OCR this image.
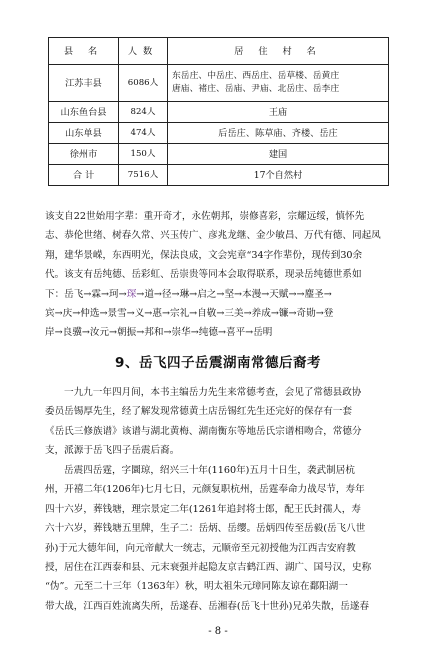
县 名	人数	居 住 村 名
江苏丰县	6086人	东岳庄、中岳庄、西岳庄、岳草楼、岳黄庄
唐庙、褚庄、岳庙、尹庙、北岳庄、岳李庄

山东鱼台县	824人	王庙
山东单县	474人	后岳庄、陈草庙、齐楼、岳庄
徐州市	150人	建国
合 计	7516人	17个自然村
该支自22世始用字辈：重开奇才，永佐朝邦，崇修喜彩，宗耀远绥，慎怀先
志、恭伦世绪、树春久常、兴玉传广、彦兆龙继、金少敏昌、万代有德、同起凤
翔，建华景嵘，东西明光，保法良成，文会宪章“34字作辈份，现传到30余
代。该支有岳纯德、岳彩虹、岳崇贵等同本会取得联系，现录岳纯德世系如
下：岳飞→霖→珂→琛→道→径→琳→启之→坚→本漫→天赋→→麈圣→
宾→庆→仲选→景雪→义→惠→宗礼→自敬→三美→养成→镰→奇勋→登
岸→良骥→汝元→朝振→邦和→崇华→纯德→喜平→岳明
9、岳飞四子岳震湖南常德后裔考
一九九一年四月间，本书主编岳力先生来常德考查，会见了常德县政协
委员岳锡厚先生，经了解发现常德黄土店岳锡红先生还完好的保存有一套
《岳氏三修族谱》该谱与湖北黄梅、湖南衡东等地岳氏宗谱相吻合，常德分
支，派源于岳飞四子岳震后裔。
岳震四岳霆，字圜琼，绍兴三十年(1160年)五月十日生，袭武制居杭
州，开禧二年(1206年)七月七日，元颜复职杭州，岳霆奉命力战尽节，寿年
四十六岁，葬钱塘，理宗景定二年(1261年追封将士郎，配王氏封孺人，寿
六十六岁，葬钱塘五里牌，生子二：岳炳、岳缨。岳炳四传至岳毅(岳飞八世
孙)于元大德年间，向元帝献大一统志，元顺帝至元初授他为江西吉安府教
授，居住在江西泰和县、元末衰强并起隐友京吉鹤江西、湖广、国号汉，史称
“伪”。元至二十三年（1363年）秋，明太祖朱元璋同陈友谅在鄱阳湖一
带大战，江西百姓流离失所，岳遂春、岳湘春(岳飞十世孙)兄弟失散，岳遂春
- 8 -
